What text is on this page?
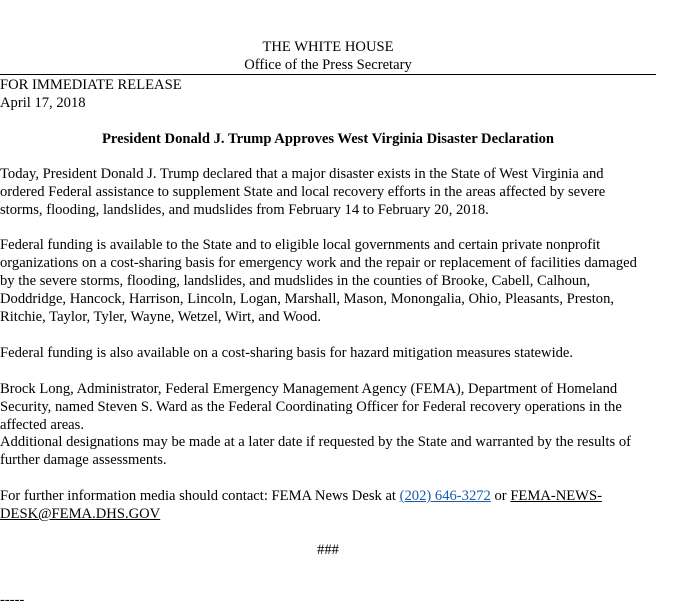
THE WHITE HOUSE
Office of the Press Secretary
FOR IMMEDIATE RELEASE
April 17, 2018
President Donald J. Trump Approves West Virginia Disaster Declaration
Today, President Donald J. Trump declared that a major disaster exists in the State of West Virginia and ordered Federal assistance to supplement State and local recovery efforts in the areas affected by severe storms, flooding, landslides, and mudslides from February 14 to February 20, 2018.
Federal funding is available to the State and to eligible local governments and certain private nonprofit organizations on a cost-sharing basis for emergency work and the repair or replacement of facilities damaged by the severe storms, flooding, landslides, and mudslides in the counties of Brooke, Cabell, Calhoun, Doddridge, Hancock, Harrison, Lincoln, Logan, Marshall, Mason, Monongalia, Ohio, Pleasants, Preston, Ritchie, Taylor, Tyler, Wayne, Wetzel, Wirt, and Wood.
Federal funding is also available on a cost-sharing basis for hazard mitigation measures statewide.
Brock Long, Administrator, Federal Emergency Management Agency (FEMA), Department of Homeland Security, named Steven S. Ward as the Federal Coordinating Officer for Federal recovery operations in the affected areas.
Additional designations may be made at a later date if requested by the State and warranted by the results of further damage assessments.
For further information media should contact: FEMA News Desk at (202) 646-3272 or FEMA-NEWS-DESK@FEMA.DHS.GOV
###
-----
